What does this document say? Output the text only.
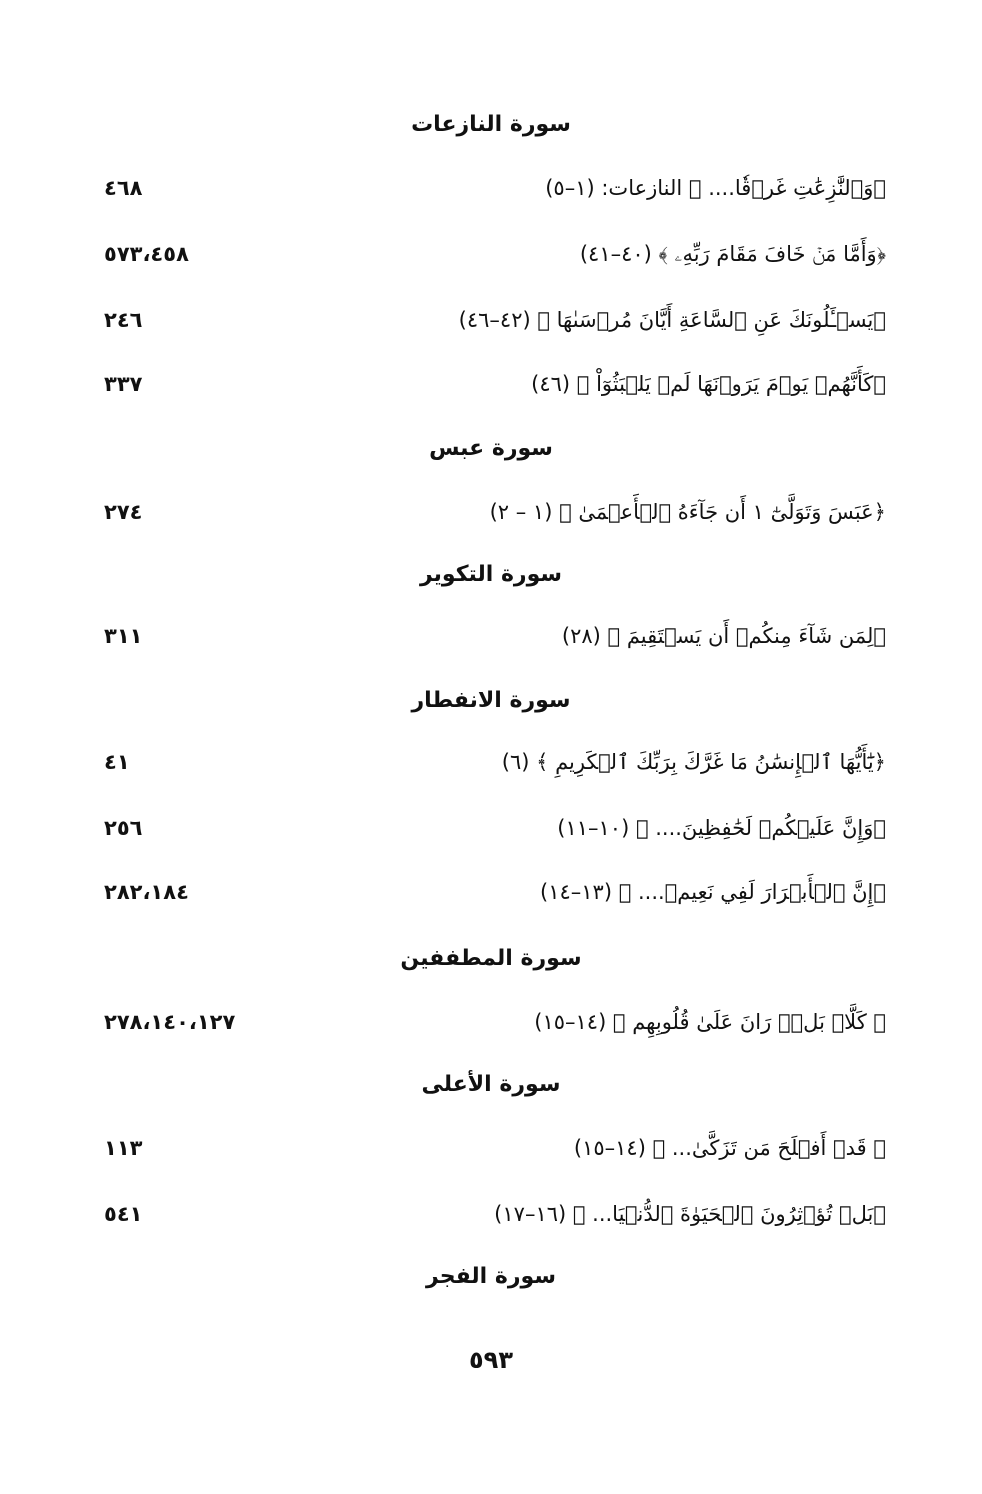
سورة النازعات
﴿وَٱلنَّٰزِعَٰتِ غَرۡقٗا.... ﴾ النازعات: (١–٥)
٤٦٨
﴿وَأَمَّا مَنۡ خَافَ مَقَامَ رَبِّهِۦ ﴾ (٤٠–٤١)
٥٧٣،٤٥٨
﴿يَسۡـَٔلُونَكَ عَنِ ٱلسَّاعَةِ أَيَّانَ مُرۡسَىٰهَا ﴾ (٤٢–٤٦)
٢٤٦
﴿كَأَنَّهُمۡ يَوۡمَ يَرَوۡنَهَا لَمۡ يَلۡبَثُوٓاْ ﴾ (٤٦)
٣٣٧
سورة عبس
﴿عَبَسَ وَتَوَلَّىٰٓ ١ أَن جَآءَهُ ٱلۡأَعۡمَىٰ ﴾ (١ – ٢)
٢٧٤
سورة التكوير
﴿لِمَن شَآءَ مِنكُمۡ أَن يَسۡتَقِيمَ ﴾ (٢٨)
٣١١
سورة الانفطار
﴿يَٰٓأَيُّهَا ٱلۡإِنسَٰنُ مَا غَرَّكَ بِرَبِّكَ ٱلۡكَرِيمِ ﴾ (٦)
٤١
﴿وَإِنَّ عَلَيۡكُمۡ لَحَٰفِظِينَ.... ﴾ (١٠–١١)
٢٥٦
﴿إِنَّ ٱلۡأَبۡرَارَ لَفِي نَعِيمٖ.... ﴾ (١٣–١٤)
٢٨٢،١٨٤
سورة المطففين
﴿ كَلَّاۖ بَلۡۜ رَانَ عَلَىٰ قُلُوبِهِم ﴾ (١٤–١٥)
٢٧٨،١٤٠،١٢٧
سورة الأعلى
﴿ قَدۡ أَفۡلَحَ مَن تَزَكَّىٰ... ﴾ (١٤–١٥)
١١٣
﴿بَلۡ تُؤۡثِرُونَ ٱلۡحَيَوٰةَ ٱلدُّنۡيَا... ﴾ (١٦–١٧)
٥٤١
سورة الفجر
٥٩٣
